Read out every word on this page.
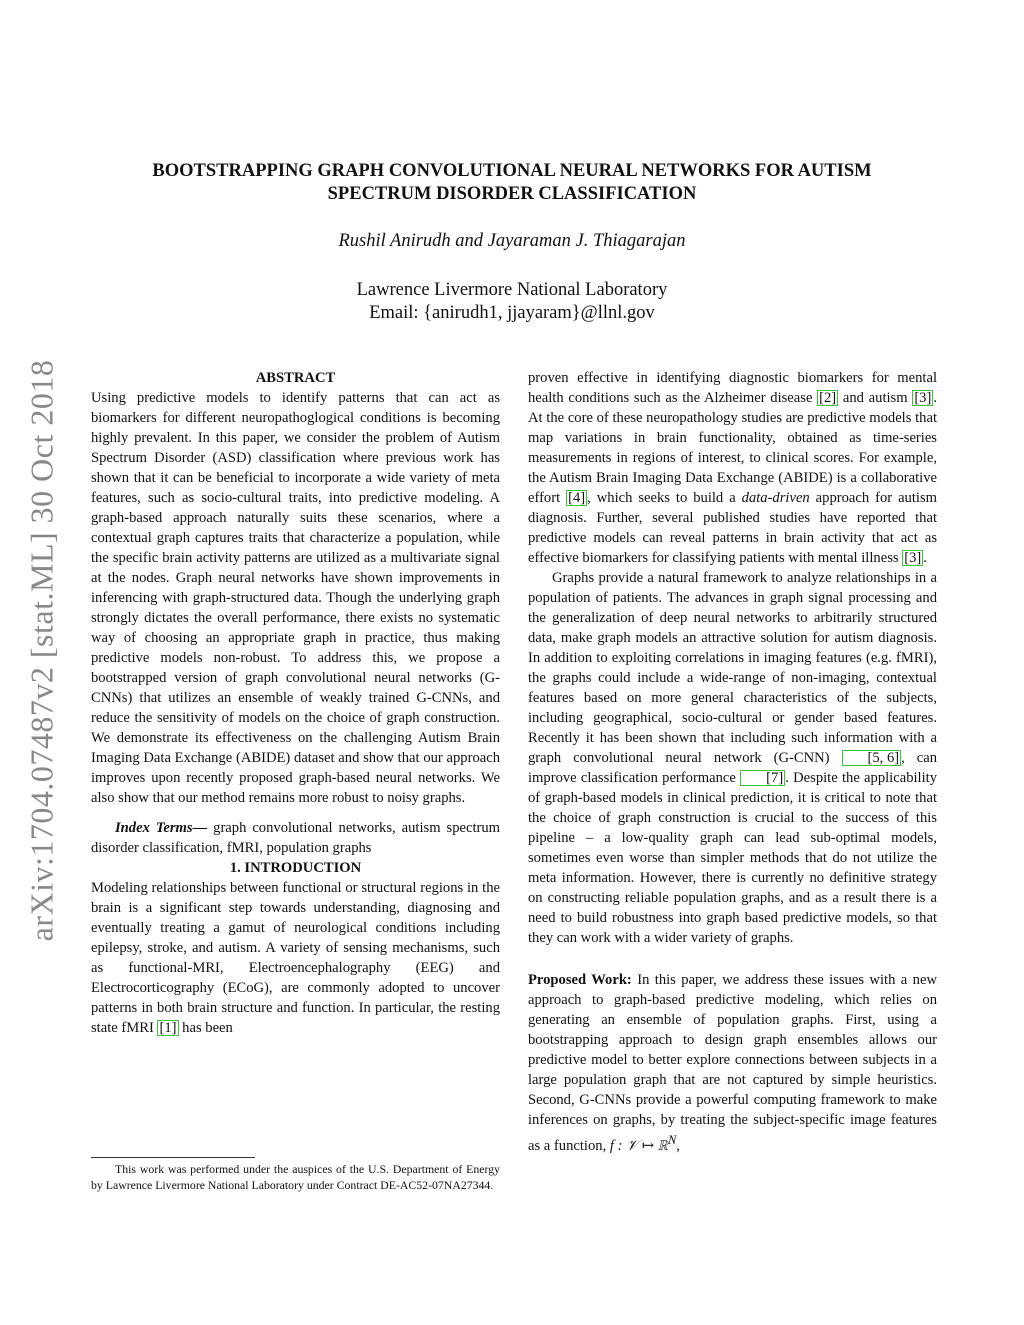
arXiv:1704.07487v2 [stat.ML] 30 Oct 2018
BOOTSTRAPPING GRAPH CONVOLUTIONAL NEURAL NETWORKS FOR AUTISM
SPECTRUM DISORDER CLASSIFICATION
Rushil Anirudh and Jayaraman J. Thiagarajan
Lawrence Livermore National Laboratory
Email: {anirudh1, jjayaram}@llnl.gov

ABSTRACT

Using predictive models to identify patterns that can act as biomarkers for different neuropathoglogical conditions is becoming highly prevalent. In this paper, we consider the problem of Autism Spectrum Disorder (ASD) classification where previous work has shown that it can be beneficial to incorporate a wide variety of meta features, such as socio-cultural traits, into predictive modeling. A graph-based approach naturally suits these scenarios, where a contextual graph captures traits that characterize a population, while the specific brain activity patterns are utilized as a multivariate signal at the nodes. Graph neural networks have shown improvements in inferencing with graph-structured data. Though the underlying graph strongly dictates the overall performance, there exists no systematic way of choosing an appropriate graph in practice, thus making predictive models non-robust. To address this, we propose a bootstrapped version of graph convolutional neural networks (G-CNNs) that utilizes an ensemble of weakly trained G-CNNs, and reduce the sensitivity of models on the choice of graph construction. We demonstrate its effectiveness on the challenging Autism Brain Imaging Data Exchange (ABIDE) dataset and show that our approach improves upon recently proposed graph-based neural networks. We also show that our method remains more robust to noisy graphs.

Index Terms— graph convolutional networks, autism spectrum disorder classification, fMRI, population graphs

1. INTRODUCTION

Modeling relationships between functional or structural regions in the brain is a significant step towards understanding, diagnosing and eventually treating a gamut of neurological conditions including epilepsy, stroke, and autism. A variety of sensing mechanisms, such as functional-MRI, Electroencephalography (EEG) and Electrocorticography (ECoG), are commonly adopted to uncover patterns in both brain structure and function. In particular, the resting state fMRI [1] has been

This work was performed under the auspices of the U.S. Department of Energy by Lawrence Livermore National Laboratory under Contract DE-AC52-07NA27344.

proven effective in identifying diagnostic biomarkers for mental health conditions such as the Alzheimer disease [2] and autism [3] . At the core of these neuropathology studies are predictive models that map variations in brain functionality, obtained as time-series measurements in regions of interest, to clinical scores. For example, the Autism Brain Imaging Data Exchange (ABIDE) is a collaborative effort [4] , which seeks to build a data-driven approach for autism diagnosis. Further, several published studies have reported that predictive models can reveal patterns in brain activity that act as effective biomarkers for classifying patients with mental illness [3] .

Graphs provide a natural framework to analyze relationships in a population of patients. The advances in graph signal processing and the generalization of deep neural networks to arbitrarily structured data, make graph models an attractive solution for autism diagnosis. In addition to exploiting correlations in imaging features (e.g. fMRI), the graphs could include a wide-range of non-imaging, contextual features based on more general characteristics of the subjects, including geographical, socio-cultural or gender based features. Recently it has been shown that including such information with a graph convolutional neural network (G-CNN) [5, 6] , can improve classification performance [7] . Despite the applicability of graph-based models in clinical prediction, it is critical to note that the choice of graph construction is crucial to the success of this pipeline – a low-quality graph can lead sub-optimal models, sometimes even worse than simpler methods that do not utilize the meta information. However, there is currently no definitive strategy on constructing reliable population graphs, and as a result there is a need to build robustness into graph based predictive models, so that they can work with a wider variety of graphs.

Proposed Work: In this paper, we address these issues with a new approach to graph-based predictive modeling, which relies on generating an ensemble of population graphs. First, using a bootstrapping approach to design graph ensembles allows our predictive model to better explore connections between subjects in a large population graph that are not captured by simple heuristics. Second, G-CNNs provide a powerful computing framework to make inferences on graphs, by treating the subject-specific image features as a function, f : 𝒱 ↦ ℝ$^N$,
